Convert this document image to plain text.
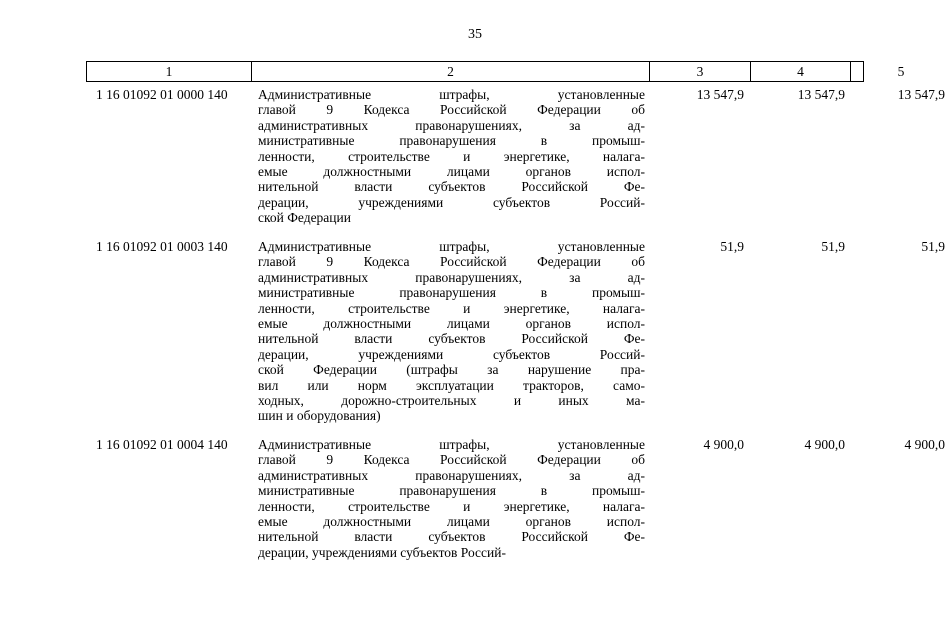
35
1	2	3	4	5
1 16 01092 01 0000 140 Административные штрафы, установленные
главой 9 Кодекса Российской Федерации об
административных правонарушениях, за ад-
министративные правонарушения в промыш-
ленности, строительстве и энергетике, налага-
емые должностными лицами органов испол-
нительной власти субъектов Российской Фе-
дерации, учреждениями субъектов Россий-
ской Федерации
13 547,9	13 547,9	13 547,9
1 16 01092 01 0003 140 Административные штрафы, установленные
главой 9 Кодекса Российской Федерации об
административных правонарушениях, за ад-
министративные правонарушения в промыш-
ленности, строительстве и энергетике, налага-
емые должностными лицами органов испол-
нительной власти субъектов Российской Фе-
дерации, учреждениями субъектов Россий-
ской Федерации (штрафы за нарушение пра-
вил или норм эксплуатации тракторов, само-
ходных, дорожно-строительных и иных ма-
шин и оборудования)
51,9	51,9	51,9
1 16 01092 01 0004 140 Административные штрафы, установленные
главой 9 Кодекса Российской Федерации об
административных правонарушениях, за ад-
министративные правонарушения в промыш-
ленности, строительстве и энергетике, налага-
емые должностными лицами органов испол-
нительной власти субъектов Российской Фе-
дерации, учреждениями субъектов Россий-
4 900,0	4 900,0	4 900,0
